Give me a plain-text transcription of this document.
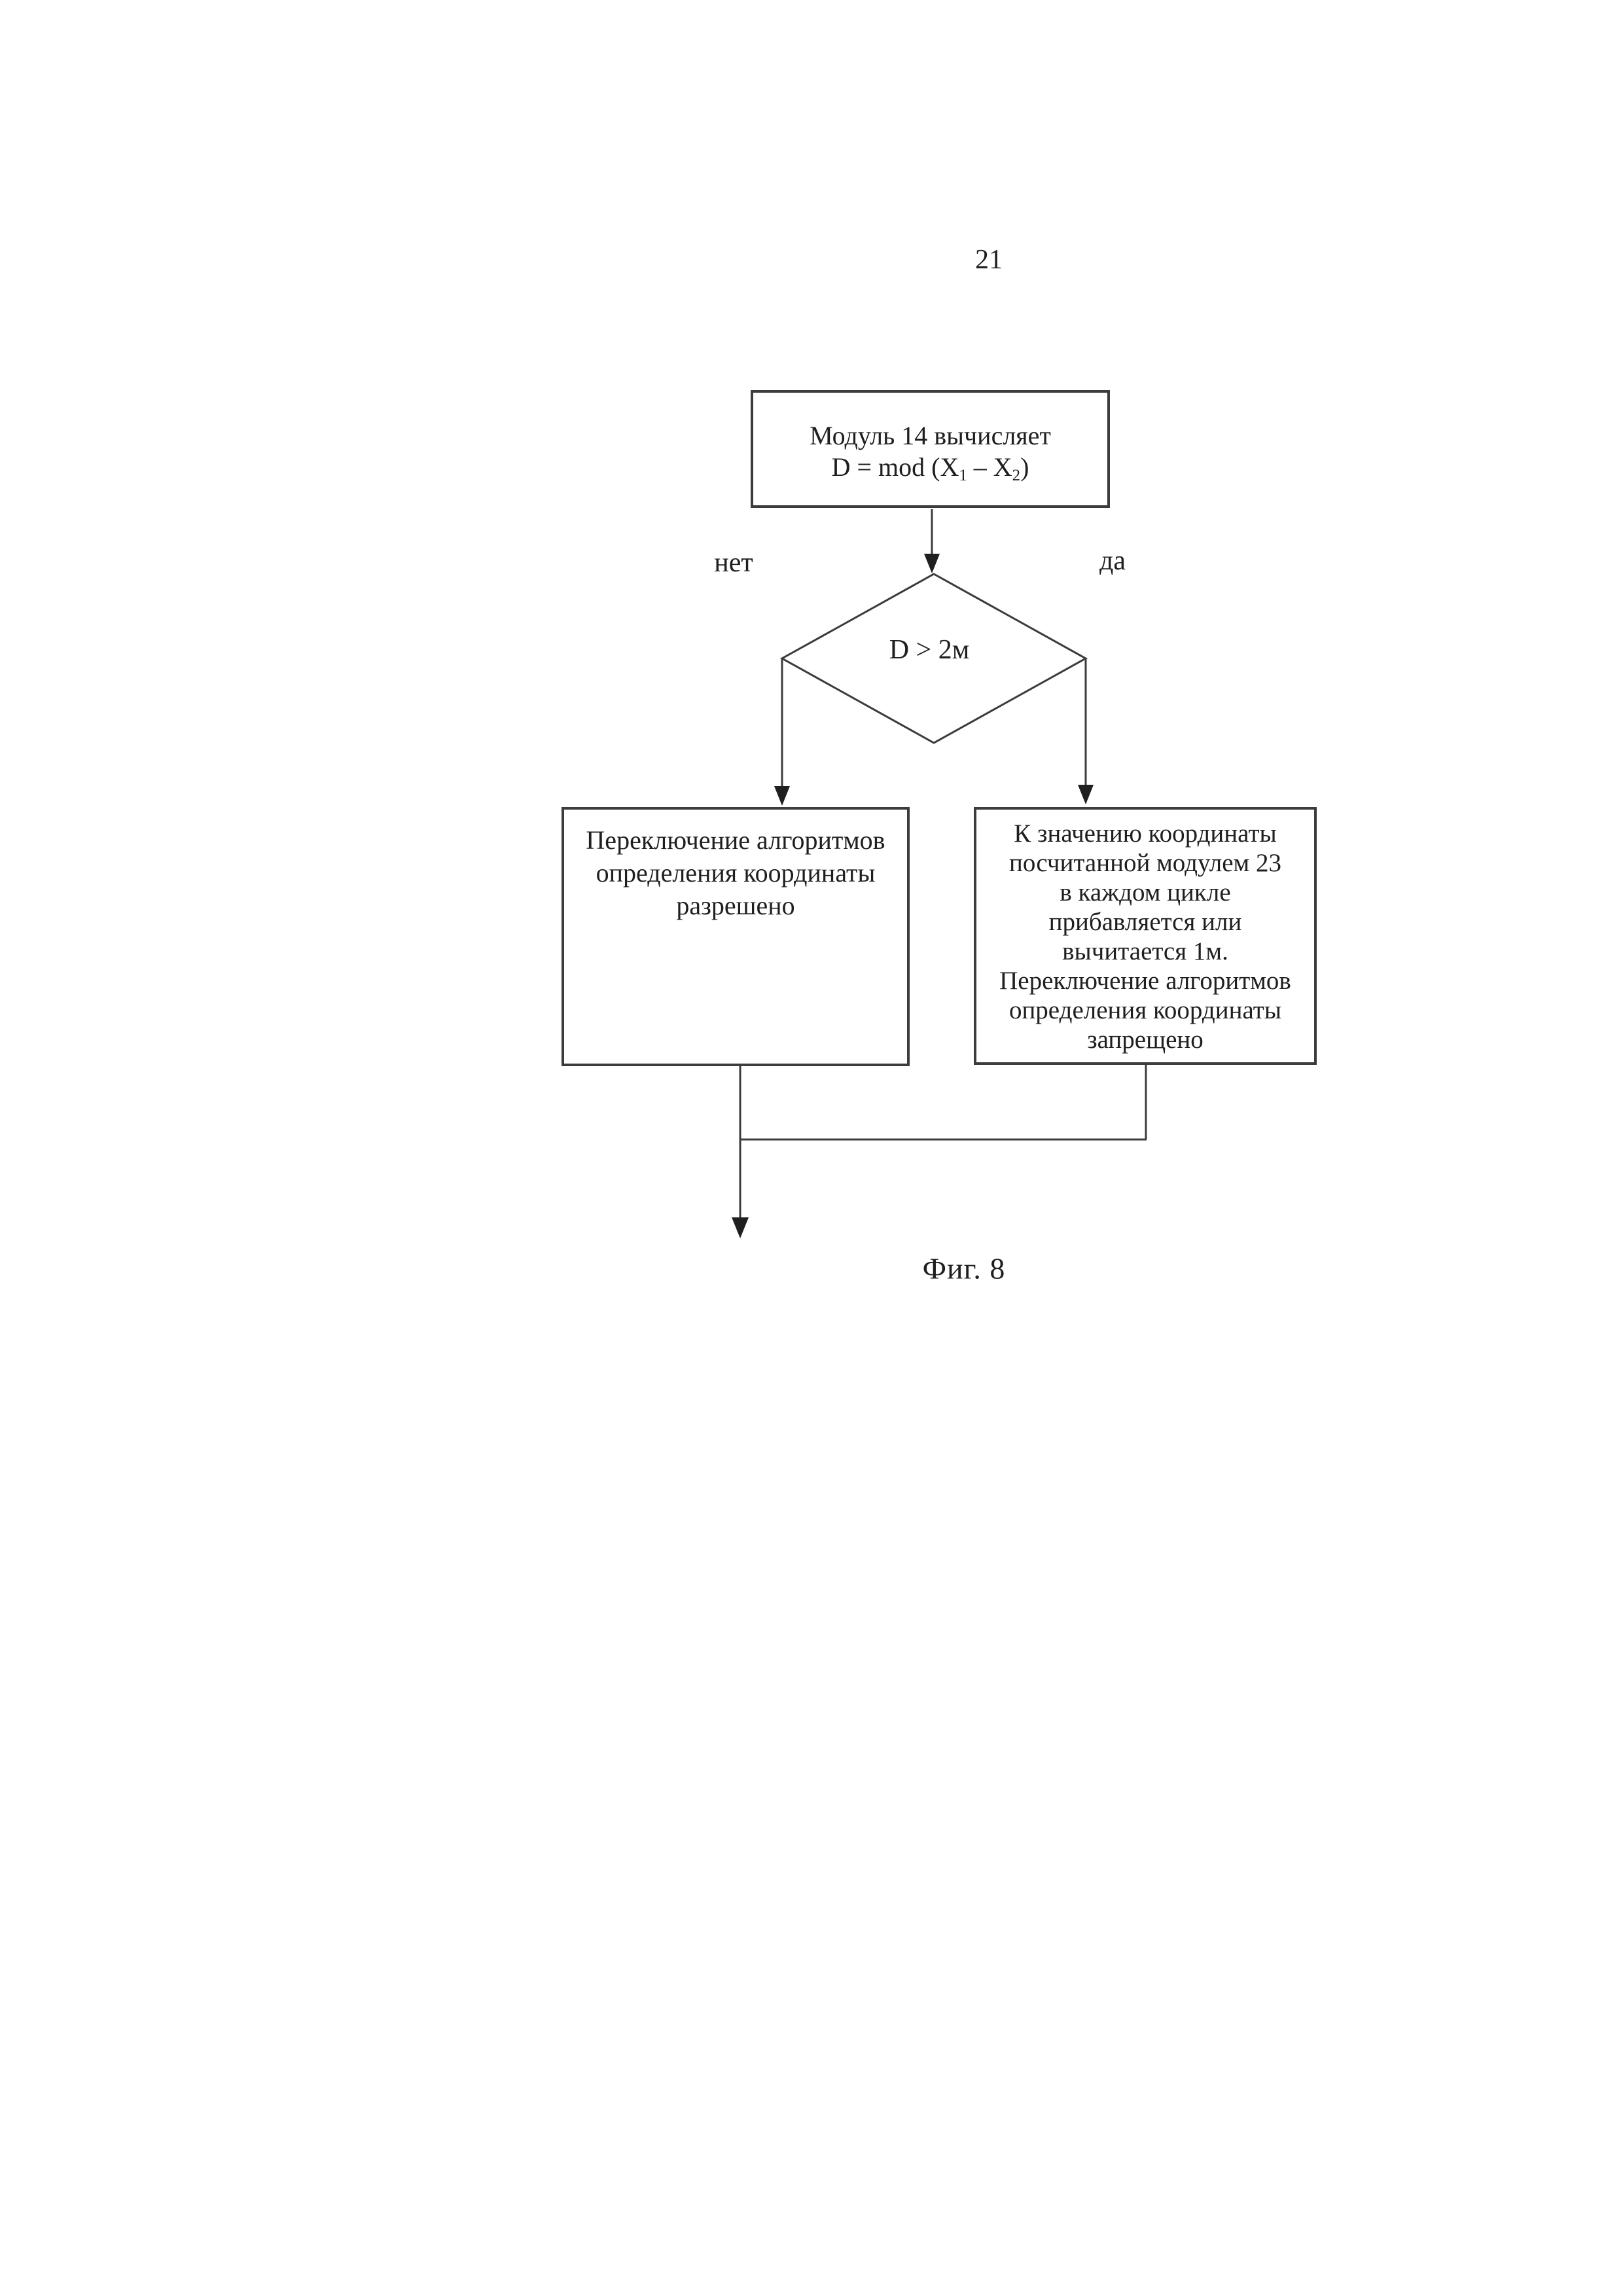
21
Модуль 14 вычисляет
D = mod $(X_1 - X_2)$
D > 2м
нет	да
Переключение алгоритмов
определения координаты
разрешено
К значению координаты
посчитанной модулем 23
в каждом цикле
прибавляется или
вычитается 1м.
Переключение алгоритмов
определения координаты
запрещено
Фиг. 8
